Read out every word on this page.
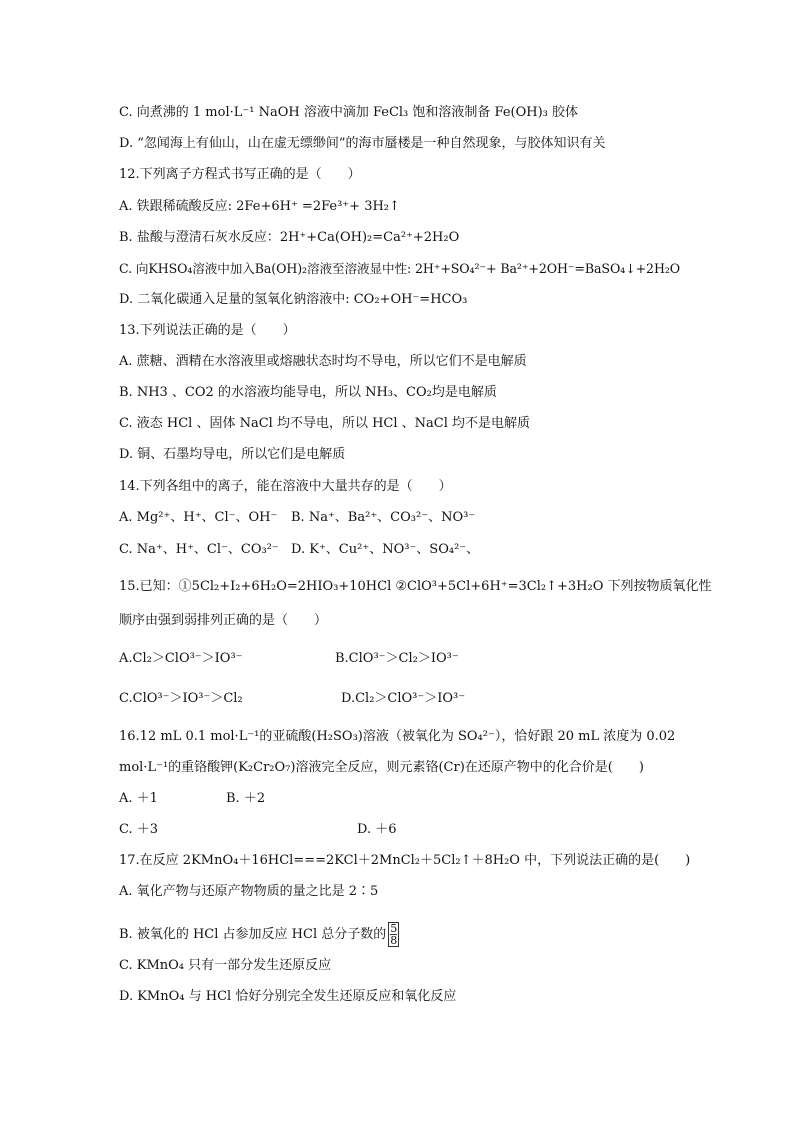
C. 向煮沸的 1 mol·L⁻¹ NaOH 溶液中滴加 FeCl₃ 饱和溶液制备 Fe(OH)₃ 胶体
D. “忽闻海上有仙山，山在虚无缥缈间”的海市蜃楼是一种自然现象，与胶体知识有关
12.下列离子方程式书写正确的是（　　）
A. 铁跟稀硫酸反应: 2Fe+6H⁺ =2Fe³⁺+ 3H₂↑
B. 盐酸与澄清石灰水反应：2H⁺+Ca(OH)₂=Ca²⁺+2H₂O
C. 向KHSO₄溶液中加入Ba(OH)₂溶液至溶液显中性: 2H⁺+SO₄²⁻+ Ba²⁺+2OH⁻=BaSO₄↓+2H₂O
D. 二氧化碳通入足量的氢氧化钠溶液中: CO₂+OH⁻=HCO₃
13.下列说法正确的是（　　）
A. 蔗糖、酒精在水溶液里或熔融状态时均不导电，所以它们不是电解质
B. NH3 、CO2 的水溶液均能导电，所以 NH₃、CO₂均是电解质
C. 液态 HCl 、固体 NaCl 均不导电，所以 HCl 、NaCl 均不是电解质
D. 铜、石墨均导电，所以它们是电解质
14.下列各组中的离子，能在溶液中大量共存的是（　　）
A. Mg²⁺、H⁺、Cl⁻、OH⁻ B. Na⁺、Ba²⁺、CO₃²⁻、NO³⁻
C. Na⁺、H⁺、Cl⁻、CO₃²⁻ D. K⁺、Cu²⁺、NO³⁻、SO₄²⁻、
15.已知：①5Cl₂+I₂+6H₂O=2HIO₃+10HCl ②ClO³+5Cl+6H⁺=3Cl₂↑+3H₂O 下列按物质氧化性
顺序由强到弱排列正确的是（　　）
A.Cl₂＞ClO³⁻＞IO³⁻	B.ClO³⁻＞Cl₂＞IO³⁻
C.ClO³⁻＞IO³⁻＞Cl₂	D.Cl₂＞ClO³⁻＞IO³⁻
16.12 mL 0.1 mol·L⁻¹的亚硫酸(H₂SO₃)溶液（被氧化为 SO₄²⁻），恰好跟 20 mL 浓度为 0.02
mol·L⁻¹的重铬酸钾(K₂Cr₂O₇)溶液完全反应，则元素铬(Cr)在还原产物中的化合价是(　　)
A. ＋1	B. ＋2
C. ＋3	D. ＋6
17.在反应 2KMnO₄＋16HCl===2KCl＋2MnCl₂＋5Cl₂↑＋8H₂O 中，下列说法正确的是(　　)
A. 氧化产物与还原产物物质的量之比是 2∶5
B. 被氧化的 HCl 占参加反应 HCl 总分子数的 $\frac{5}{8}$
C. KMnO₄ 只有一部分发生还原反应
D. KMnO₄ 与 HCl 恰好分别完全发生还原反应和氧化反应
